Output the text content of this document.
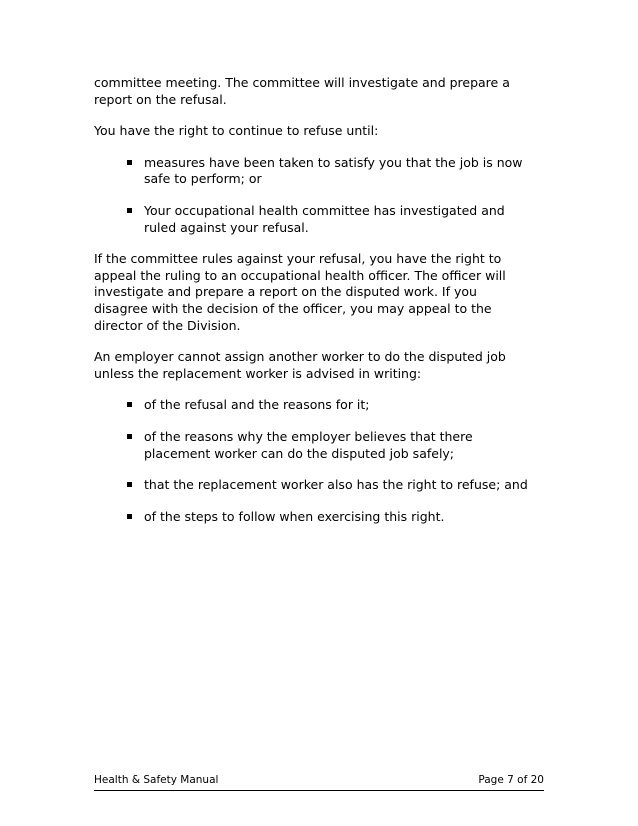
committee meeting. The committee will investigate and prepare a report on the refusal.

You have the right to continue to refuse until:

measures have been taken to satisfy you that the job is now safe to perform; or
Your occupational health committee has investigated and ruled against your refusal.

If the committee rules against your refusal, you have the right to appeal the ruling to an occupational health officer. The officer will investigate and prepare a report on the disputed work. If you disagree with the decision of the officer, you may appeal to the director of the Division.

An employer cannot assign another worker to do the disputed job unless the replacement worker is advised in writing:

of the refusal and the reasons for it;
of the reasons why the employer believes that there placement worker can do the disputed job safely;
that the replacement worker also has the right to refuse; and
of the steps to follow when exercising this right.
Health & Safety Manual	Page 7 of 20
